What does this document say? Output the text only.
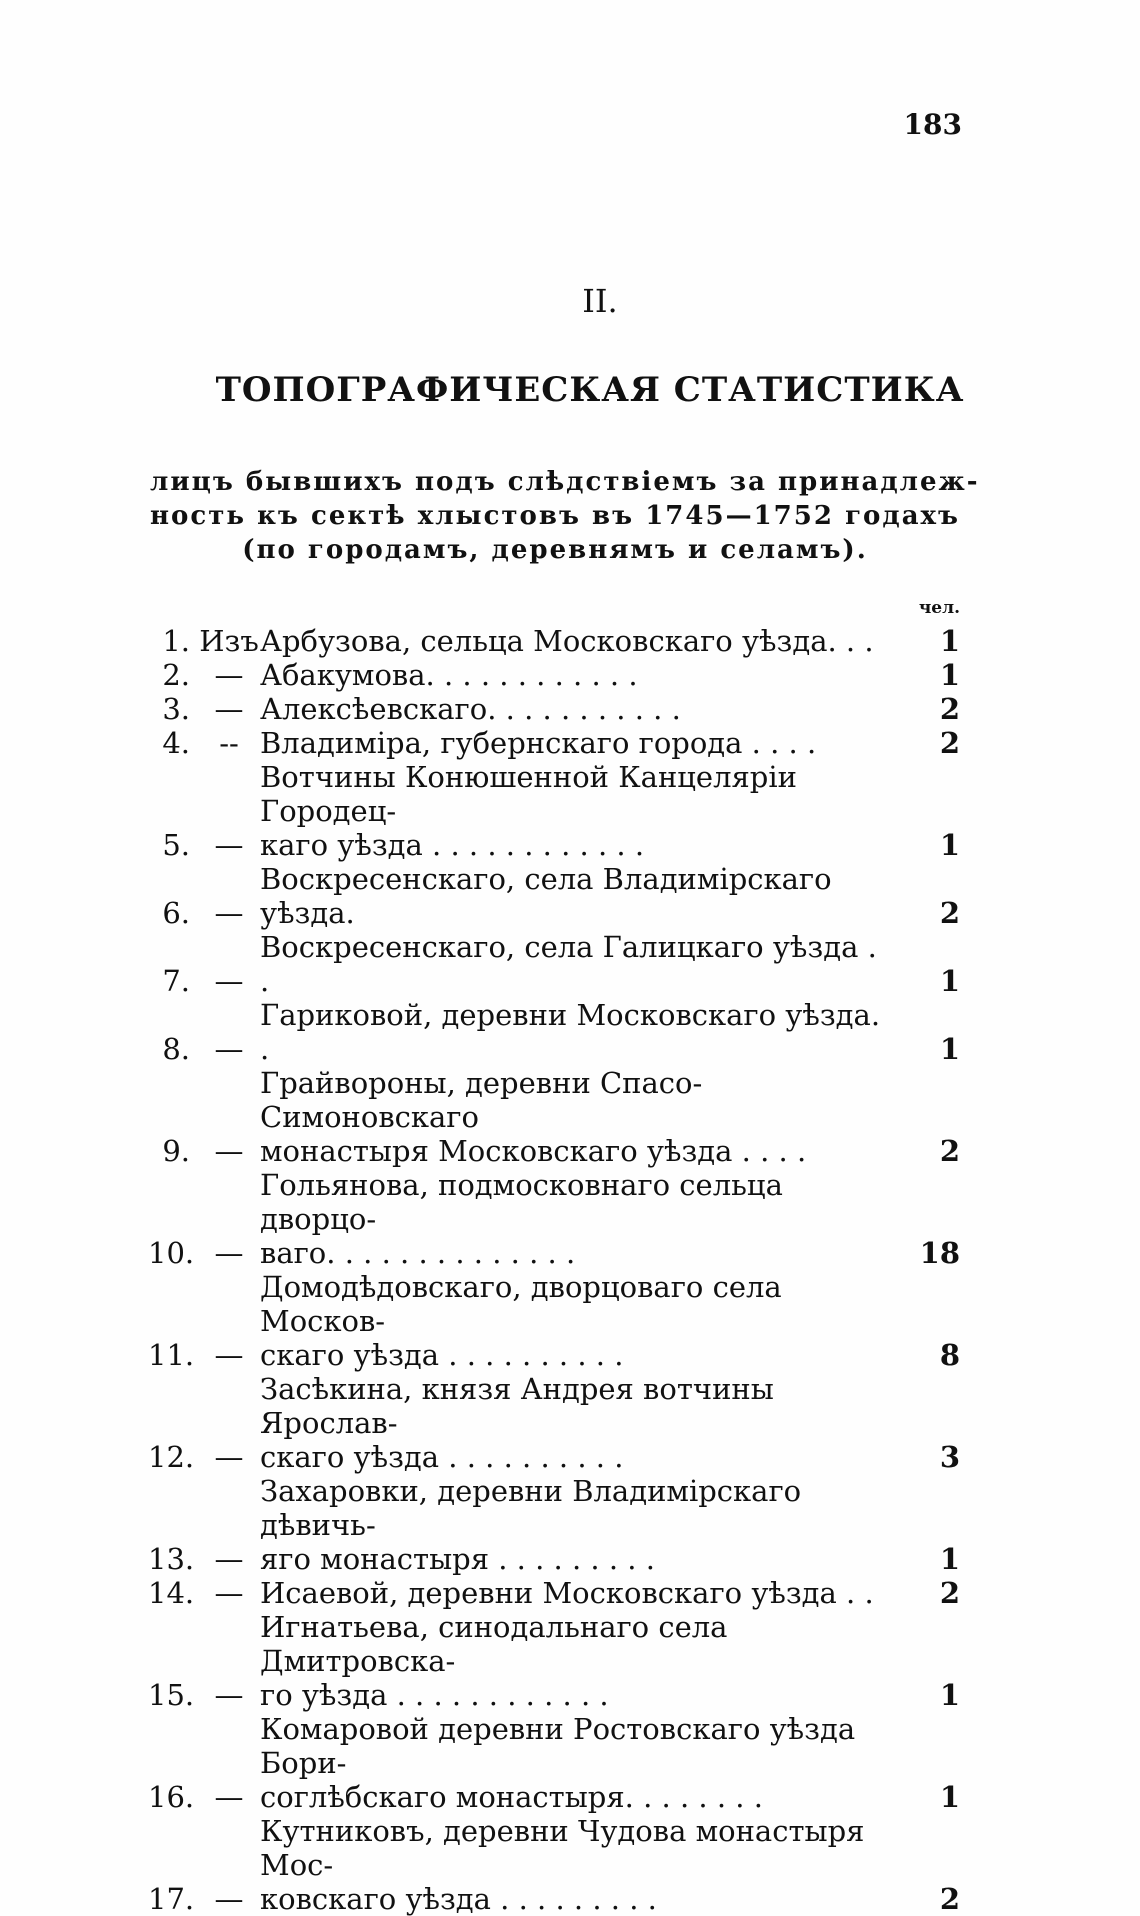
183
II.
ТОПОГРАФИЧЕСКАЯ СТАТИСТИКА
лицъ бывшихъ подъ слѣдствіемъ за принадлеж-
ность къ сектѣ хлыстовъ въ 1745—1752 годахъ
(по городамъ, деревнямъ и селамъ).
чел.
1. Изъ Арбузова, сельца Московскаго уѣзда. . .	1
2. — Абакумова. . . . . . . . . . . .	1
3. — Алексѣевскаго. . . . . . . . . . .	2
4.	-- Владиміра, губернскаго города . . . .	2
5. —
Вотчины Конюшенной Канцеляріи Городец-
каго уѣзда . . . . . . . . . . . .	1
6. —
Воскресенскаго, села Владимірскаго уѣзда.	2
7. —
Воскресенскаго, села Галицкаго уѣзда . .	1
8. —
Гариковой, деревни Московскаго уѣзда. .	1
9. —
Грайвороны, деревни Спасо-Симоновскаго
монастыря Московскаго уѣзда . . . .	2
10. —
Гольянова, подмосковнаго сельца дворцо-
ваго. . . . . . . . . . . . . .	18
11. —
Домодѣдовскаго, дворцоваго села Москов-
скаго уѣзда . . . . . . . . . .	8
12. —
Засѣкина, князя Андрея вотчины Ярослав-
скаго уѣзда . . . . . . . . . .	3
13. —
Захаровки, деревни Владимірскаго дѣвичь-
яго монастыря . . . . . . . . .	1
14. — Исаевой, деревни Московскаго уѣзда . .	2
15. —
Игнатьева, синодальнаго села Дмитровска-
го уѣзда . . . . . . . . . . . .	1
16. —
Комаровой деревни Ростовскаго уѣзда Бори-
соглѣбскаго монастыря. . . . . . . .	1
17. —
Кутниковъ, деревни Чудова монастыря Мос-
ковскаго уѣзда . . . . . . . . .	2
